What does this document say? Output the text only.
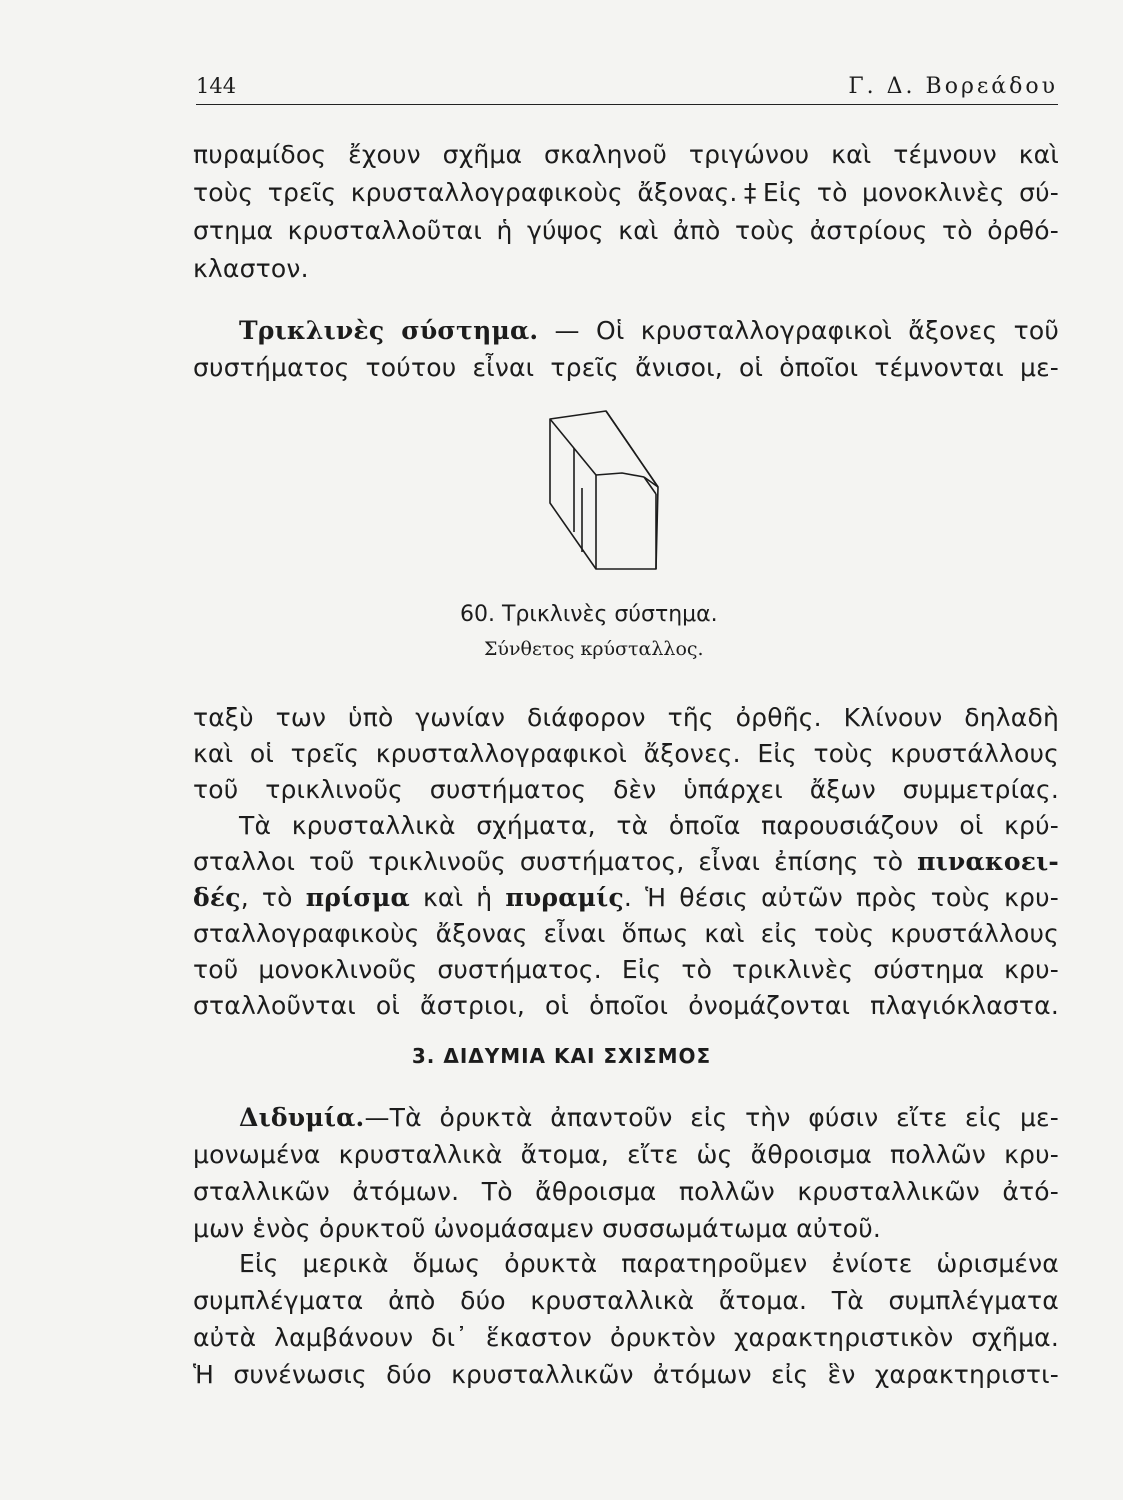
144	Γ. Δ. Βορεάδου
πυραμίδος ἔχουν σχῆμα σκαληνοῦ τριγώνου καὶ τέμνουν καὶ
τοὺς τρεῖς κρυσταλλογραφικοὺς ἄξονας.‡Εἰς τὸ μονοκλινὲς σύ-
στημα κρυσταλλοῦται ἡ γύψος καὶ ἀπὸ τοὺς ἀστρίους τὸ ὀρθό-
κλαστον.
Τρικλινὲς σύστημα. — Οἱ κρυσταλλογραφικοὶ ἄξονες τοῦ
συστήματος τούτου εἶναι τρεῖς ἄνισοι, οἱ ὁποῖοι τέμνονται με-
60. Τρικλινὲς σύστημα.
Σύνθετος κρύσταλλος.
ταξὺ των ὑπὸ γωνίαν διάφορον τῆς ὀρθῆς. Κλίνουν δηλαδὴ
καὶ οἱ τρεῖς κρυσταλλογραφικοὶ ἄξονες. Εἰς τοὺς κρυστάλλους
τοῦ τρικλινοῦς συστήματος δὲν ὑπάρχει ἄξων συμμετρίας.
Τὰ κρυσταλλικὰ σχήματα, τὰ ὁποῖα παρουσιάζουν οἱ κρύ-
σταλλοι τοῦ τρικλινοῦς συστήματος, εἶναι ἐπίσης τὸ πινακοει-
δές, τὸ πρίσμα καὶ ἡ πυραμίς. Ἡ θέσις αὐτῶν πρὸς τοὺς κρυ-
σταλλογραφικοὺς ἄξονας εἶναι ὅπως καὶ εἰς τοὺς κρυστάλλους
τοῦ μονοκλινοῦς συστήματος. Εἰς τὸ τρικλινὲς σύστημα κρυ-
σταλλοῦνται οἱ ἄστριοι, οἱ ὁποῖοι ὀνομάζονται πλαγιόκλαστα.
3. ΔΙΔΥΜΙΑ ΚΑΙ ΣΧΙΣΜΟΣ
Διδυμία.—Τὰ ὀρυκτὰ ἀπαντοῦν εἰς τὴν φύσιν εἴτε εἰς με-
μονωμένα κρυσταλλικὰ ἄτομα, εἴτε ὡς ἄθροισμα πολλῶν κρυ-
σταλλικῶν ἀτόμων. Τὸ ἄθροισμα πολλῶν κρυσταλλικῶν ἀτό-
μων ἑνὸς ὀρυκτοῦ ὠνομάσαμεν συσσωμάτωμα αὐτοῦ.
Εἰς μερικὰ ὅμως ὀρυκτὰ παρατηροῦμεν ἐνίοτε ὡρισμένα
συμπλέγματα ἀπὸ δύο κρυσταλλικὰ ἄτομα. Τὰ συμπλέγματα
αὐτὰ λαμβάνουν δι᾽ ἕκαστον ὀρυκτὸν χαρακτηριστικὸν σχῆμα.
Ἡ συνένωσις δύο κρυσταλλικῶν ἀτόμων εἰς ἓν χαρακτηριστι-
